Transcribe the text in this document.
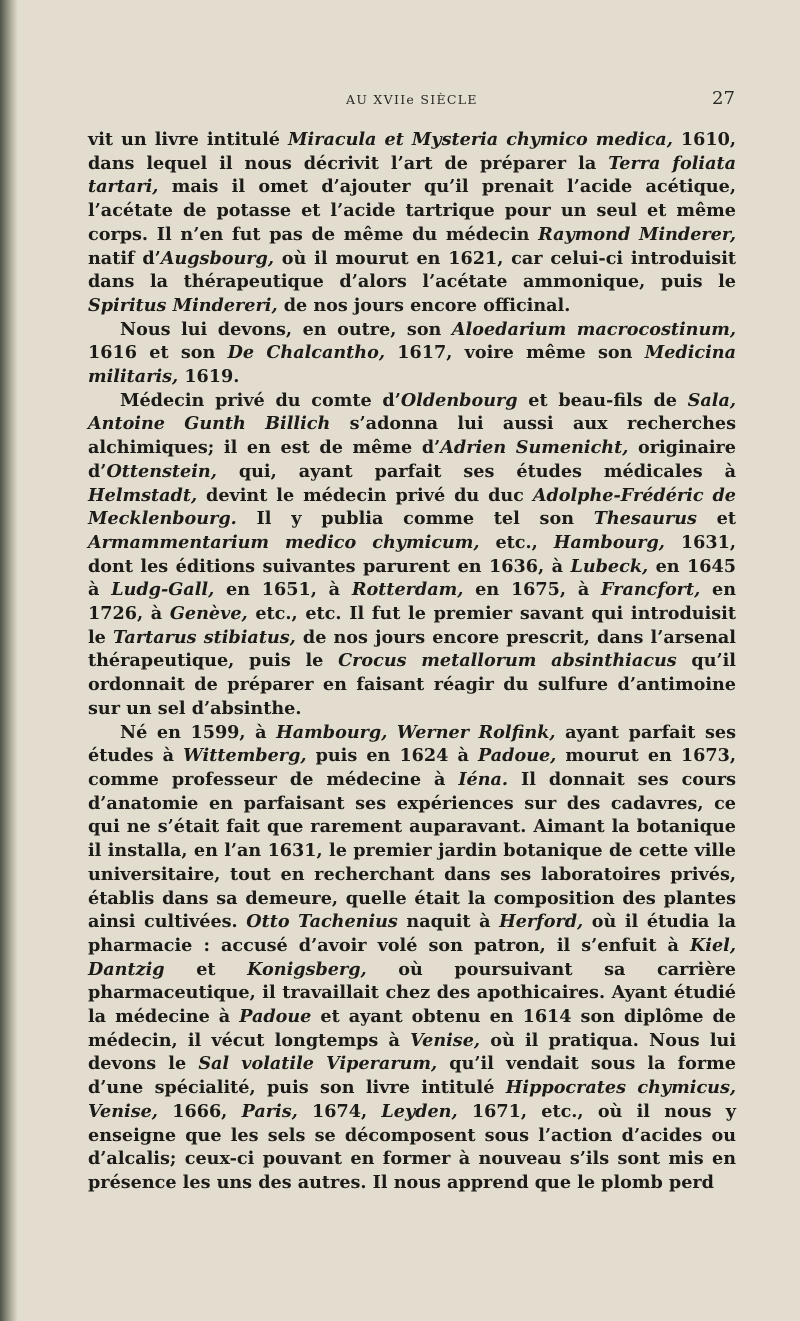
AU XVIIe SIÈCLE	27

vit un livre intitulé Miracula et Mysteria chymico medica, 1610, dans lequel il nous décrivit l’art de préparer la Terra foliata tartari, mais il omet d’ajouter qu’il prenait l’acide acétique, l’acétate de potasse et l’acide tartrique pour un seul et même corps. Il n’en fut pas de même du médecin Raymond Minderer, natif d’Augsbourg, où il mourut en 1621, car celui-ci introduisit dans la thérapeutique d’alors l’acétate ammonique, puis le Spiritus Mindereri, de nos jours encore officinal.

Nous lui devons, en outre, son Aloedarium macrocostinum, 1616 et son De Chalcantho, 1617, voire même son Medicina militaris, 1619.

Médecin privé du comte d’Oldenbourg et beau-fils de Sala, Antoine Gunth Billich s’adonna lui aussi aux recherches alchimiques; il en est de même d’Adrien Sumenicht, originaire d’Ottenstein, qui, ayant parfait ses études médicales à Helmstadt, devint le médecin privé du duc Adolphe-Frédéric de Mecklenbourg. Il y publia comme tel son Thesaurus et Armammentarium medico chymicum, etc., Hambourg, 1631, dont les éditions suivantes parurent en 1636, à Lubeck, en 1645 à Ludg-Gall, en 1651, à Rotterdam, en 1675, à Francfort, en 1726, à Genève, etc., etc. Il fut le premier savant qui introduisit le Tartarus stibiatus, de nos jours encore prescrit, dans l’arsenal thérapeutique, puis le Crocus metallorum absinthiacus qu’il ordonnait de préparer en faisant réagir du sulfure d’antimoine sur un sel d’absinthe.

Né en 1599, à Hambourg, Werner Rolfink, ayant parfait ses études à Wittemberg, puis en 1624 à Padoue, mourut en 1673, comme professeur de médecine à Iéna. Il donnait ses cours d’anatomie en parfaisant ses expériences sur des cadavres, ce qui ne s’était fait que rarement auparavant. Aimant la botanique il installa, en l’an 1631, le premier jardin botanique de cette ville universitaire, tout en recherchant dans ses laboratoires privés, établis dans sa demeure, quelle était la composition des plantes ainsi cultivées. Otto Tachenius naquit à Herford, où il étudia la pharmacie : accusé d’avoir volé son patron, il s’enfuit à Kiel, Dantzig et Konigsberg, où poursuivant sa carrière pharmaceutique, il travaillait chez des apothicaires. Ayant étudié la médecine à Padoue et ayant obtenu en 1614 son diplôme de médecin, il vécut longtemps à Venise, où il pratiqua. Nous lui devons le Sal volatile Viperarum, qu’il vendait sous la forme d’une spécialité, puis son livre intitulé Hippocrates chymicus, Venise, 1666, Paris, 1674, Leyden, 1671, etc., où il nous y enseigne que les sels se décomposent sous l’action d’acides ou d’alcalis; ceux-ci pouvant en former à nouveau s’ils sont mis en présence les uns des autres. Il nous apprend que le plomb perd
